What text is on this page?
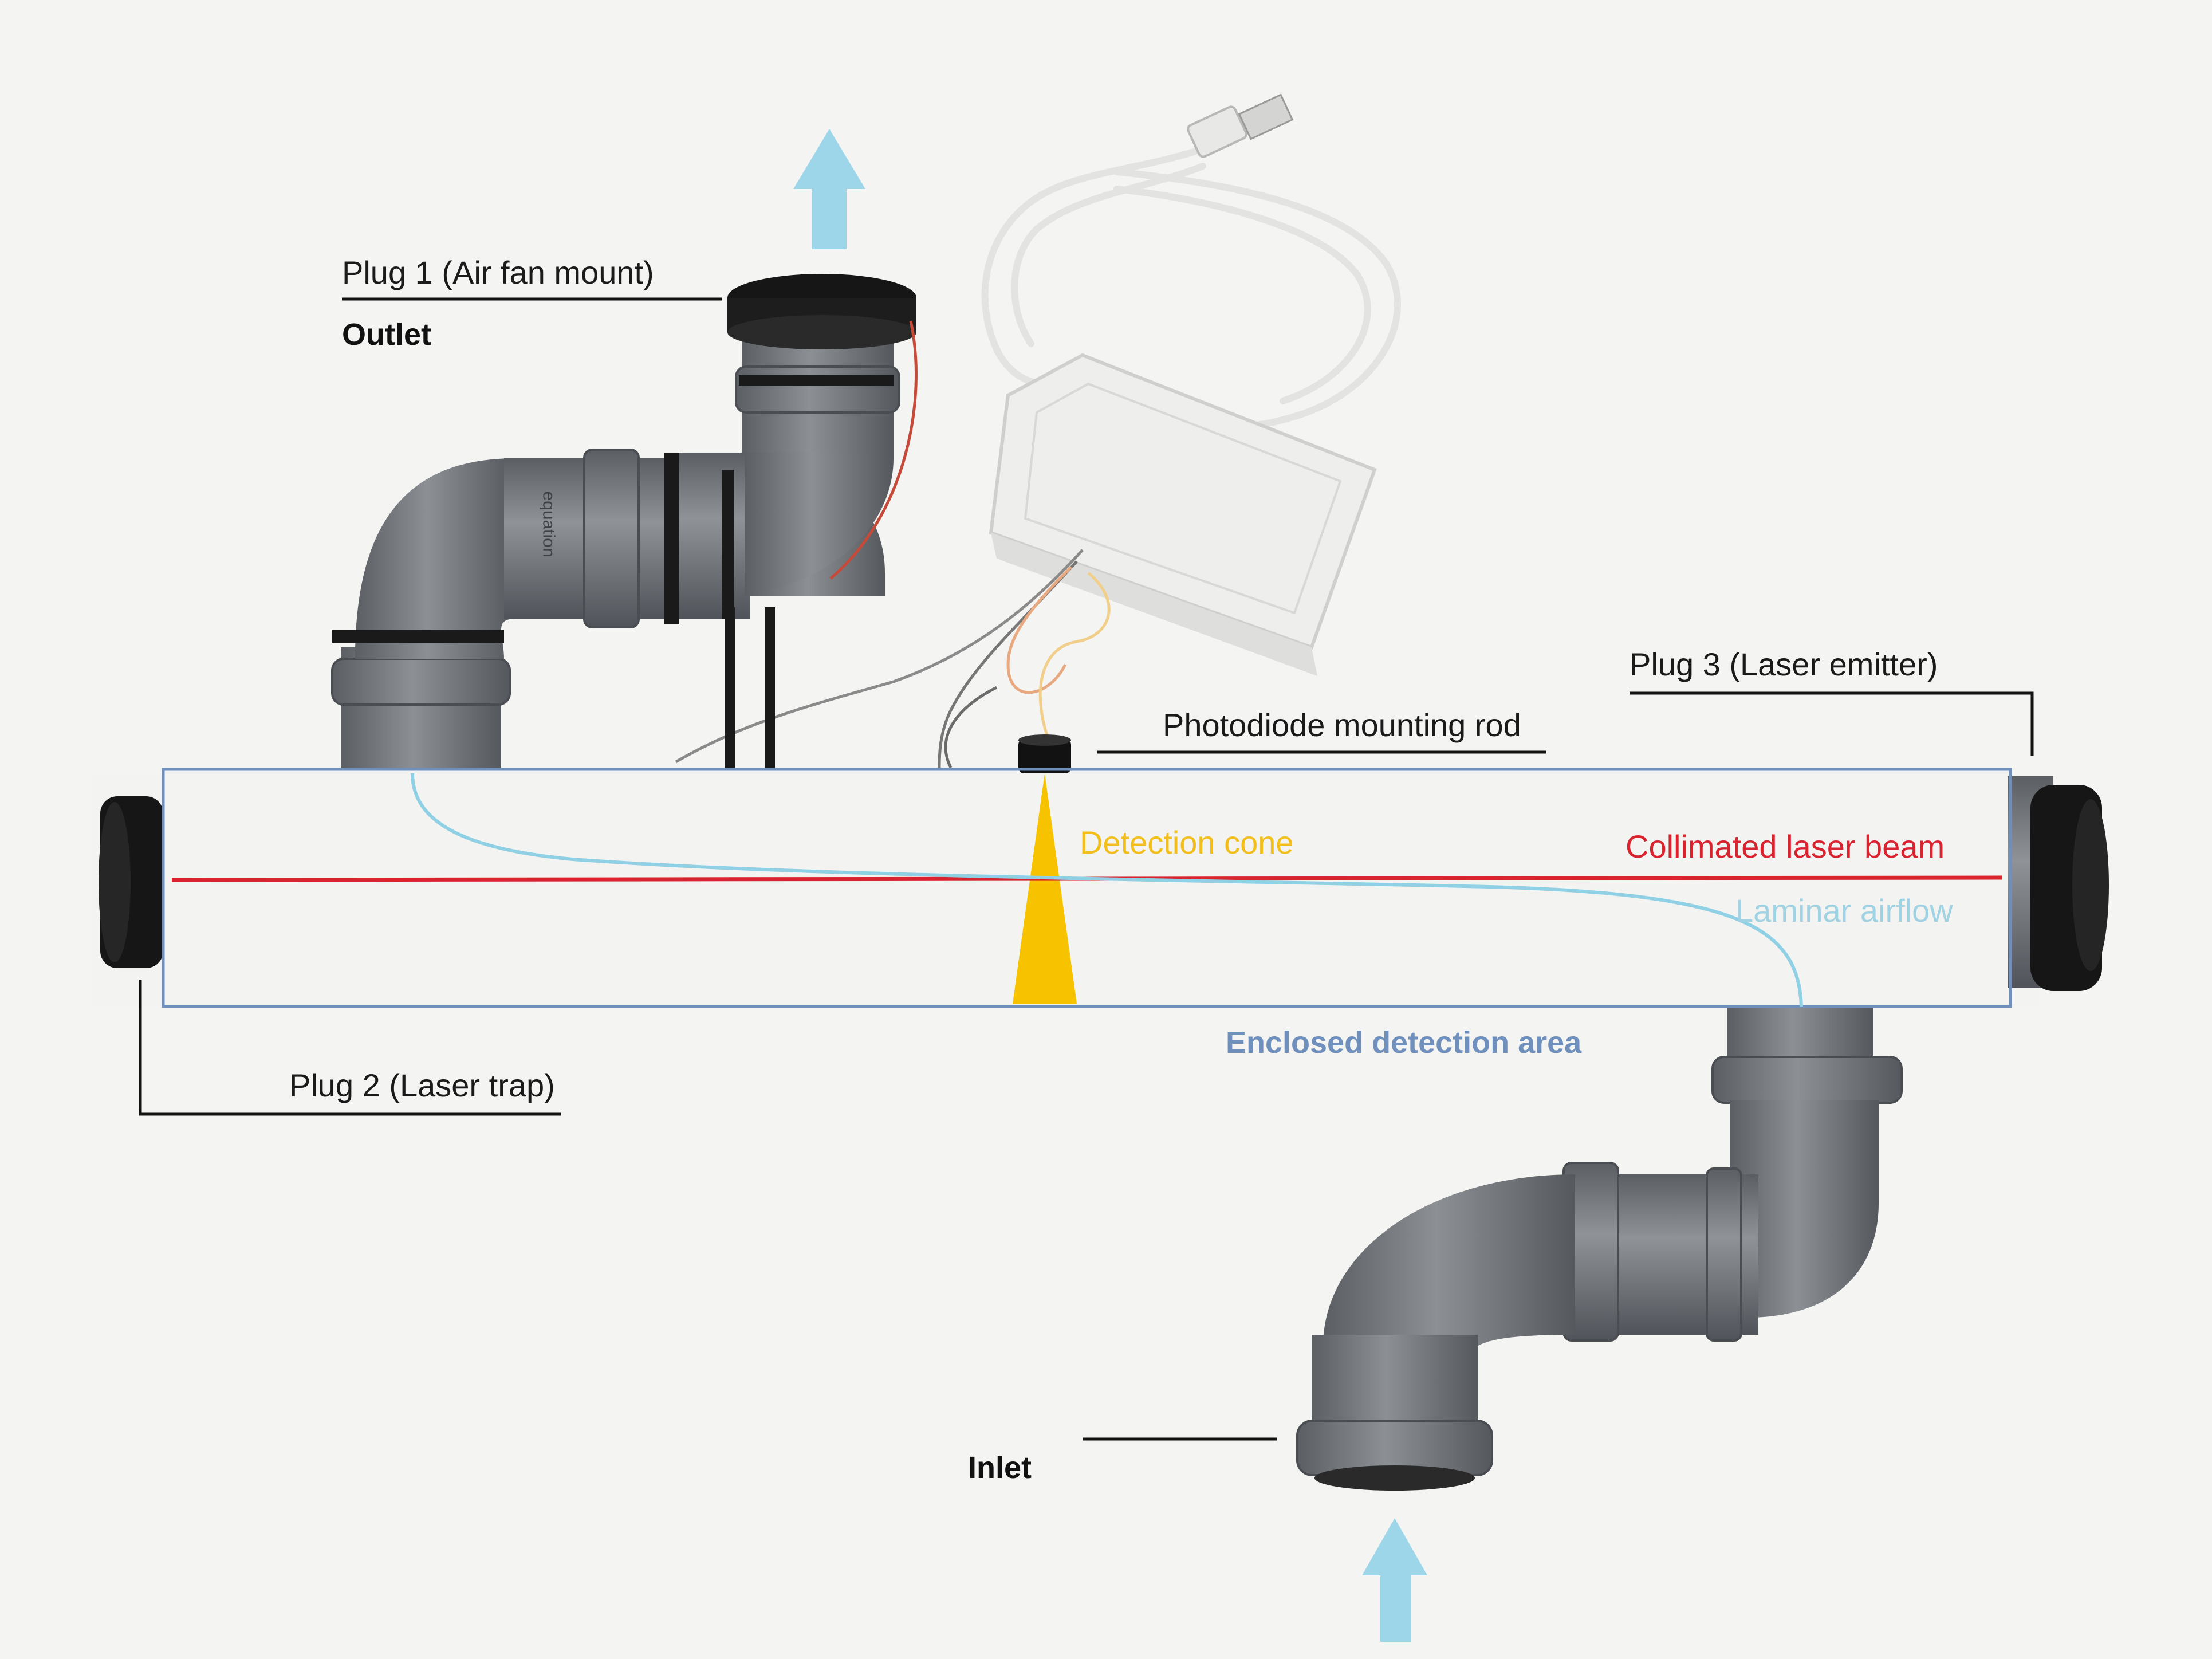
Plug 1 (Air fan mount)
Outlet
Plug 3 (Laser emitter)
Photodiode mounting rod
Detection cone	Collimated laser beam
Laminar airflow
Enclosed detection area
Plug 2 (Laser trap)
Inlet
equation
